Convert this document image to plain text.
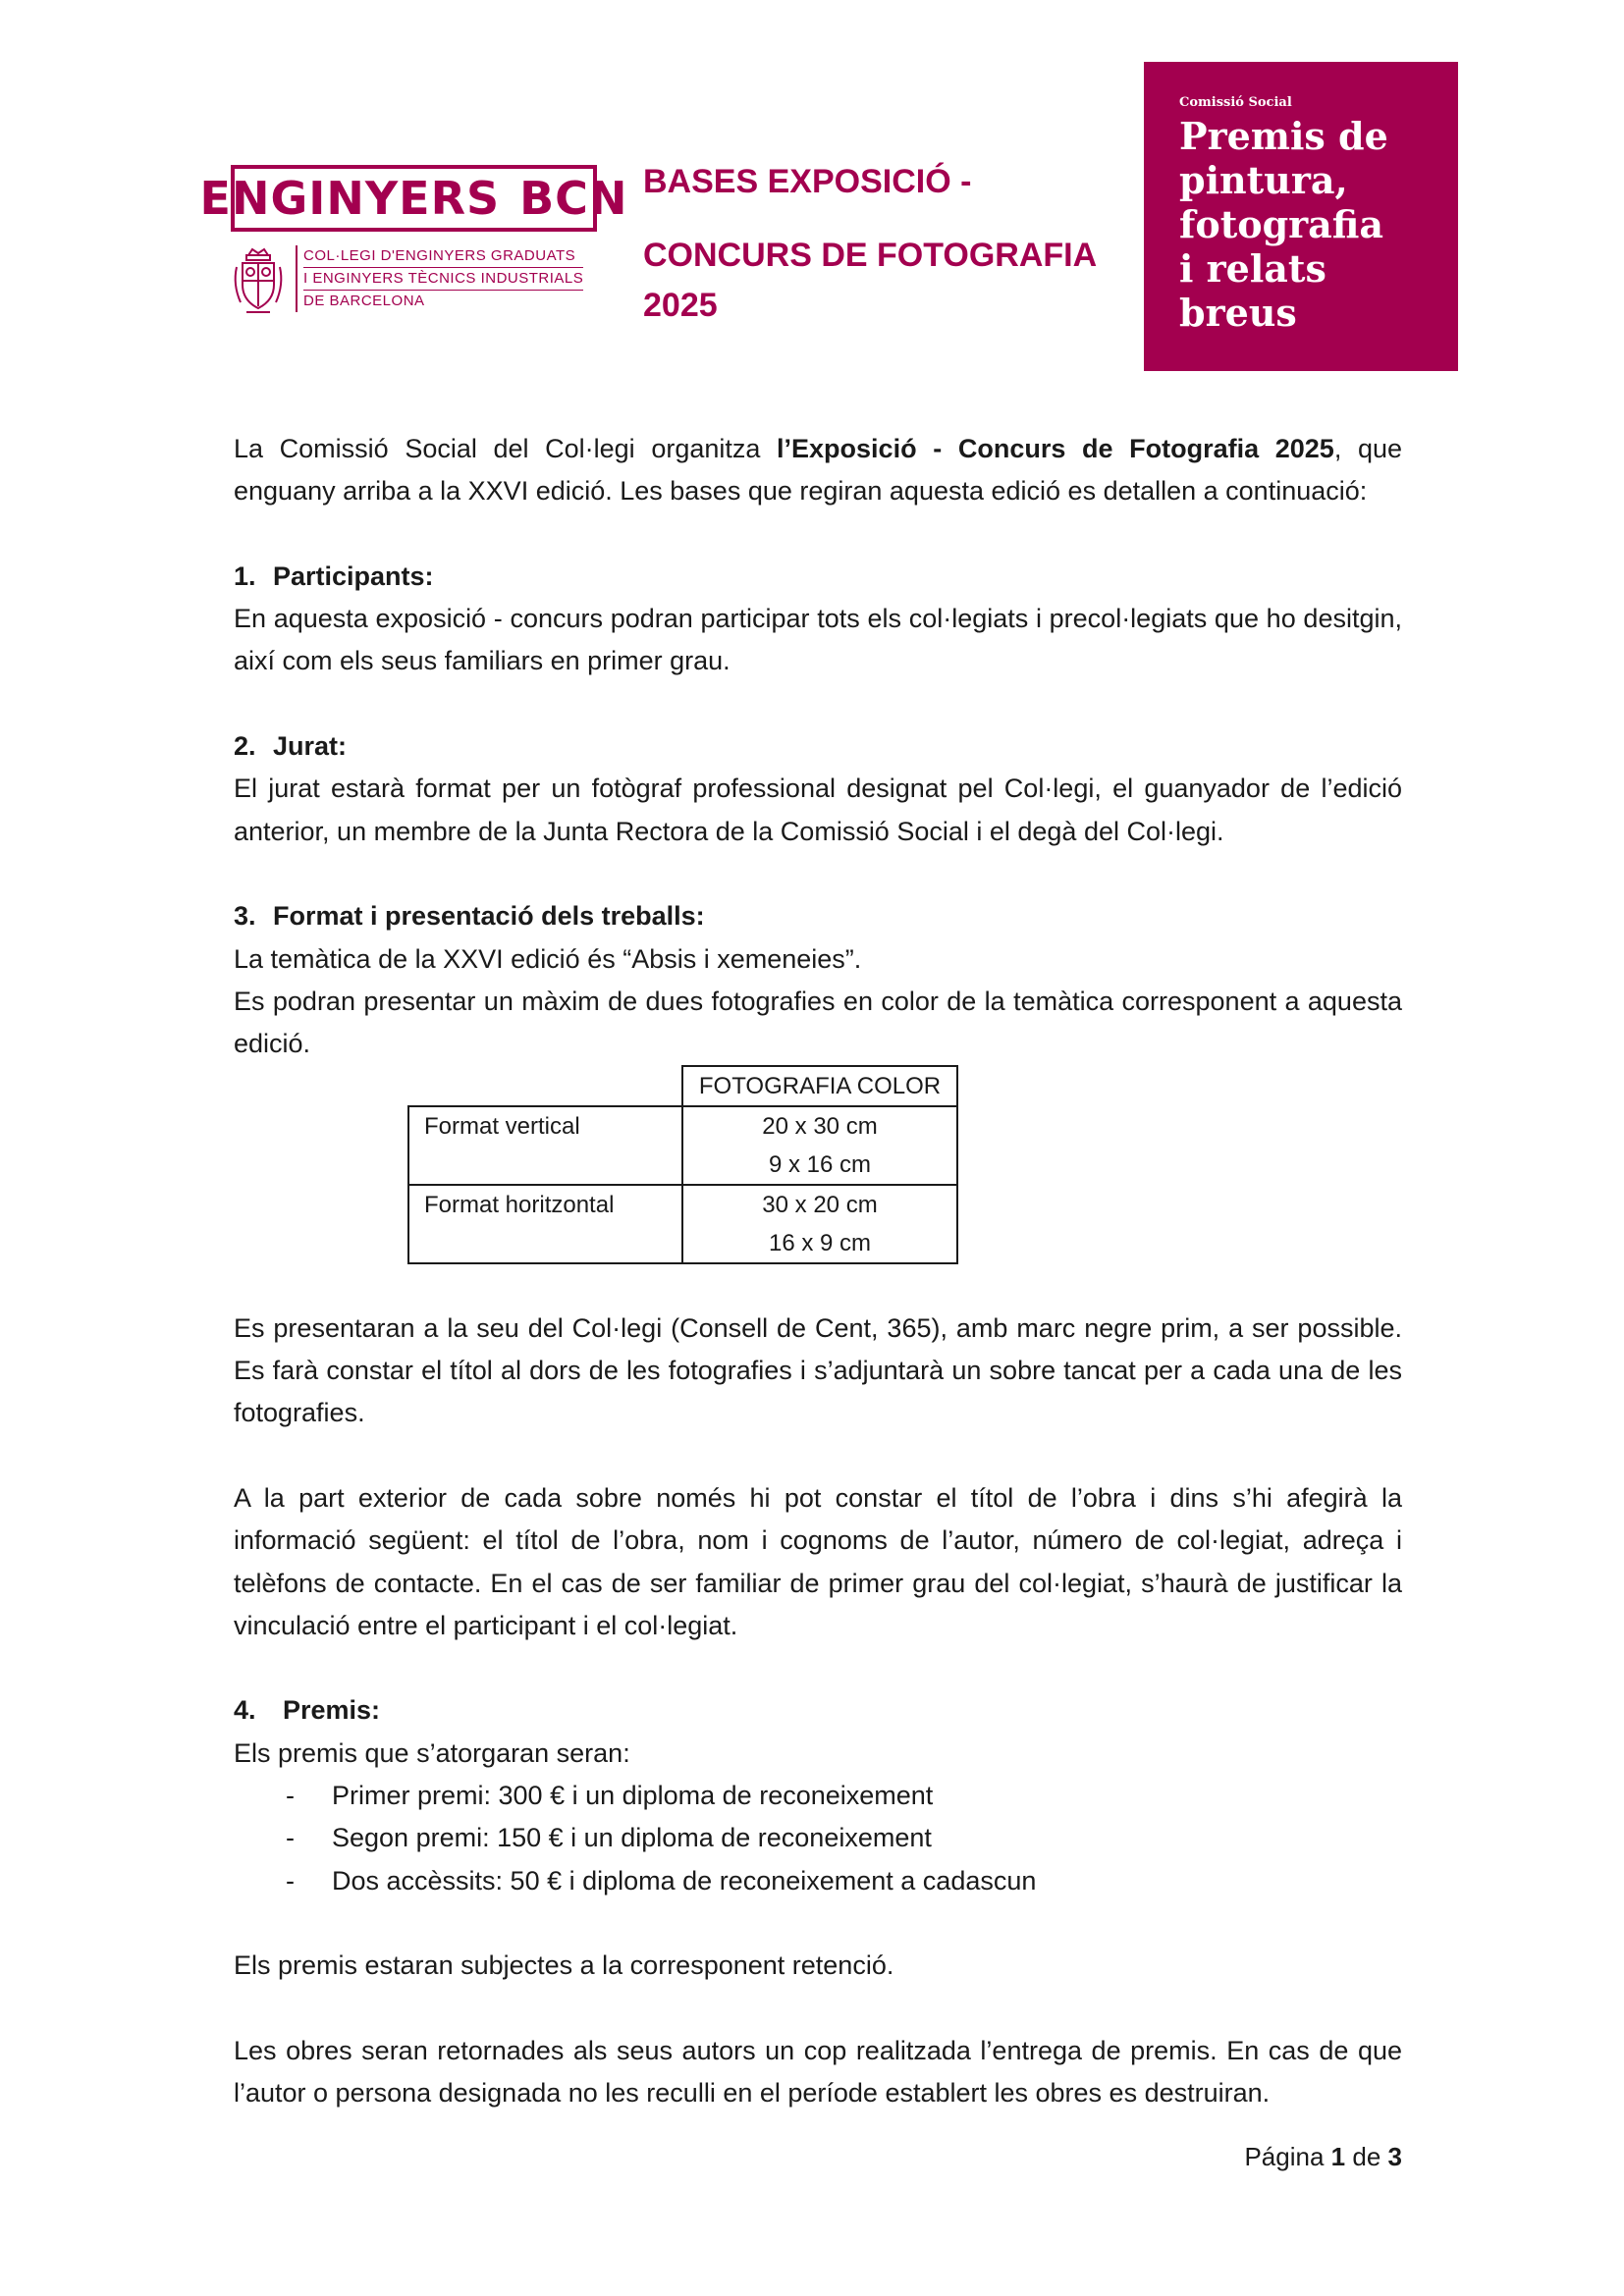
ENGINYERS BCN
COL·LEGI D'ENGINYERS GRADUATS
I ENGINYERS TÈCNICS INDUSTRIALS
DE BARCELONA
BASES EXPOSICIÓ -
CONCURS DE FOTOGRAFIA
2025
Comissió Social
Premis de
pintura,
fotografia
i relats
breus

La Comissió Social del Col·legi organitza l’Exposició - Concurs de Fotografia 2025, que enguany arriba a la XXVI edició. Les bases que regiran aquesta edició es detallen a continuació:

1. Participants:

En aquesta exposició - concurs podran participar tots els col·legiats i precol·legiats que ho desitgin, així com els seus familiars en primer grau.

2. Jurat:

El jurat estarà format per un fotògraf professional designat pel Col·legi, el guanyador de l’edició anterior, un membre de la Junta Rectora de la Comissió Social i el degà del Col·legi.

3. Format i presentació dels treballs:

La temàtica de la XXVI edició és “Absis i xemeneies”.

Es podran presentar un màxim de dues fotografies en color de la temàtica corresponent a aquesta edició.

	FOTOGRAFIA COLOR
Format vertical	20 x 30 cm
9 x 16 cm

Format horitzontal	30 x 20 cm
16 x 9 cm

Es presentaran a la seu del Col·legi (Consell de Cent, 365), amb marc negre prim, a ser possible. Es farà constar el títol al dors de les fotografies i s’adjuntarà un sobre tancat per a cada una de les fotografies.

A la part exterior de cada sobre només hi pot constar el títol de l’obra i dins s’hi afegirà la informació següent: el títol de l’obra, nom i cognoms de l’autor, número de col·legiat, adreça i telèfons de contacte. En el cas de ser familiar de primer grau del col·legiat, s’haurà de justificar la vinculació entre el participant i el col·legiat.

4. Premis:

Els premis que s’atorgaran seran:

- Primer premi: 300 € i un diploma de reconeixement
- Segon premi: 150 € i un diploma de reconeixement
- Dos accèssits: 50 € i diploma de reconeixement a cadascun

Els premis estaran subjectes a la corresponent retenció.

Les obres seran retornades als seus autors un cop realitzada l’entrega de premis. En cas de que l’autor o persona designada no les reculli en el període establert les obres es destruiran.

Página 1 de 3
